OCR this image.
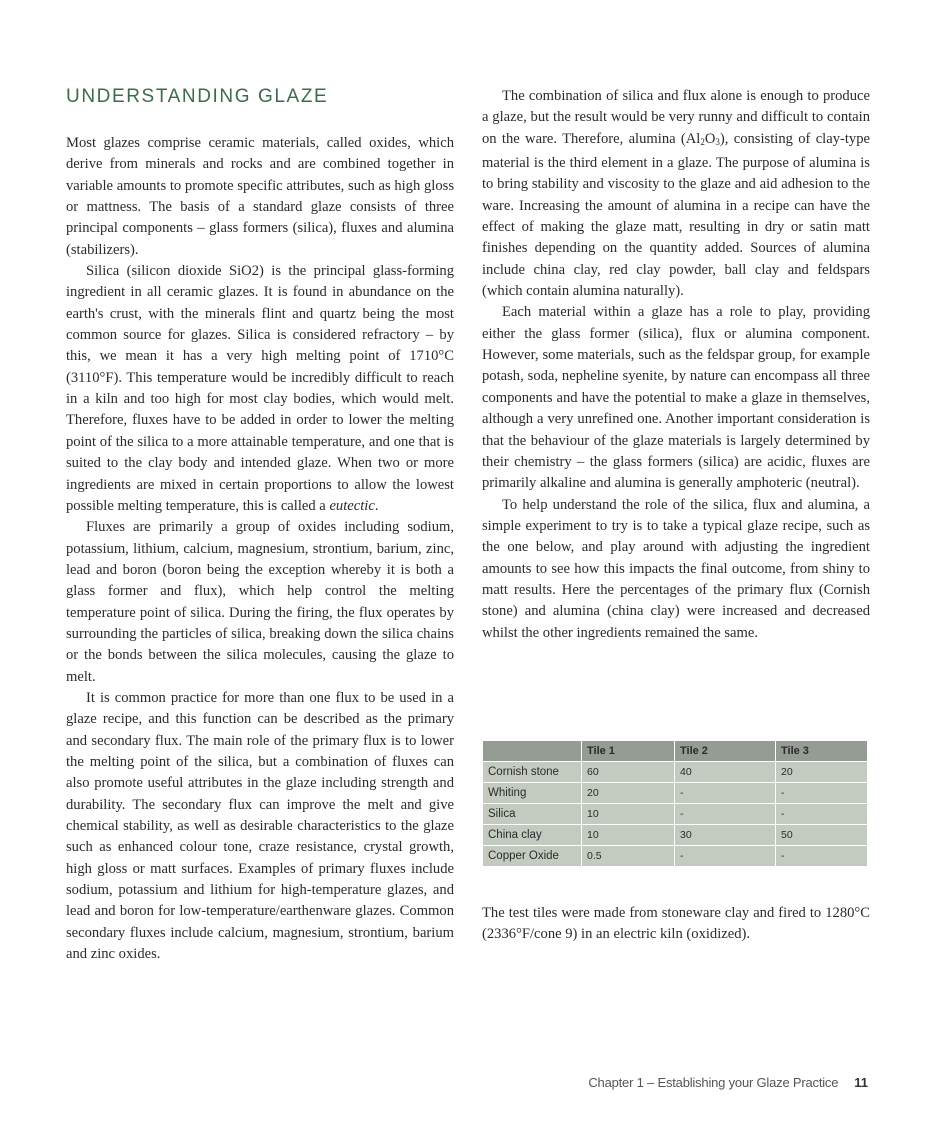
UNDERSTANDING GLAZE

Most glazes comprise ceramic materials, called oxides, which derive from minerals and rocks and are combined together in variable amounts to promote specific attributes, such as high gloss or mattness. The basis of a standard glaze consists of three principal components – glass formers (silica), fluxes and alumina (stabilizers).

Silica (silicon dioxide SiO2) is the principal glass-forming ingredient in all ceramic glazes. It is found in abundance on the earth's crust, with the minerals flint and quartz being the most common source for glazes. Silica is considered refractory – by this, we mean it has a very high melting point of 1710°C (3110°F). This temperature would be incredibly difficult to reach in a kiln and too high for most clay bodies, which would melt. Therefore, fluxes have to be added in order to lower the melting point of the silica to a more attainable temperature, and one that is suited to the clay body and intended glaze. When two or more ingredients are mixed in certain proportions to allow the lowest possible melting temperature, this is called a eutectic.

Fluxes are primarily a group of oxides including sodium, potassium, lithium, calcium, magnesium, strontium, barium, zinc, lead and boron (boron being the exception whereby it is both a glass former and flux), which help control the melting temperature point of silica. During the firing, the flux operates by surrounding the particles of silica, breaking down the silica chains or the bonds between the silica molecules, causing the glaze to melt.

It is common practice for more than one flux to be used in a glaze recipe, and this function can be described as the primary and secondary flux. The main role of the primary flux is to lower the melting point of the silica, but a combination of fluxes can also promote useful attributes in the glaze including strength and durability. The secondary flux can improve the melt and give chemical stability, as well as desirable characteristics to the glaze such as enhanced colour tone, craze resistance, crystal growth, high gloss or matt surfaces. Examples of primary fluxes include sodium, potassium and lithium for high-temperature glazes, and lead and boron for low-temperature/earthenware glazes. Common secondary fluxes include calcium, magnesium, strontium, barium and zinc oxides.

The combination of silica and flux alone is enough to produce a glaze, but the result would be very runny and difficult to contain on the ware. Therefore, alumina $(Al_2O_3)$, consisting of clay-type material is the third element in a glaze. The purpose of alumina is to bring stability and viscosity to the glaze and aid adhesion to the ware. Increasing the amount of alumina in a recipe can have the effect of making the glaze matt, resulting in dry or satin matt finishes depending on the quantity added. Sources of alumina include china clay, red clay powder, ball clay and feldspars (which contain alumina naturally).

Each material within a glaze has a role to play, providing either the glass former (silica), flux or alumina component. However, some materials, such as the feldspar group, for example potash, soda, nepheline syenite, by nature can encompass all three components and have the potential to make a glaze in themselves, although a very unrefined one. Another important consideration is that the behaviour of the glaze materials is largely determined by their chemistry – the glass formers (silica) are acidic, fluxes are primarily alkaline and alumina is generally amphoteric (neutral).

To help understand the role of the silica, flux and alumina, a simple experiment to try is to take a typical glaze recipe, such as the one below, and play around with adjusting the ingredient amounts to see how this impacts the final outcome, from shiny to matt results. Here the percentages of the primary flux (Cornish stone) and alumina (china clay) were increased and decreased whilst the other ingredients remained the same.

	Tile 1	Tile 2	Tile 3
Cornish stone	60	40	20
Whiting	20	-	-
Silica	10	-	-
China clay	10	30	50
Copper Oxide	0.5	-	-

The test tiles were made from stoneware clay and fired to 1280°C (2336°F/cone 9) in an electric kiln (oxidized).

Chapter 1 – Establishing your Glaze Practice 11
